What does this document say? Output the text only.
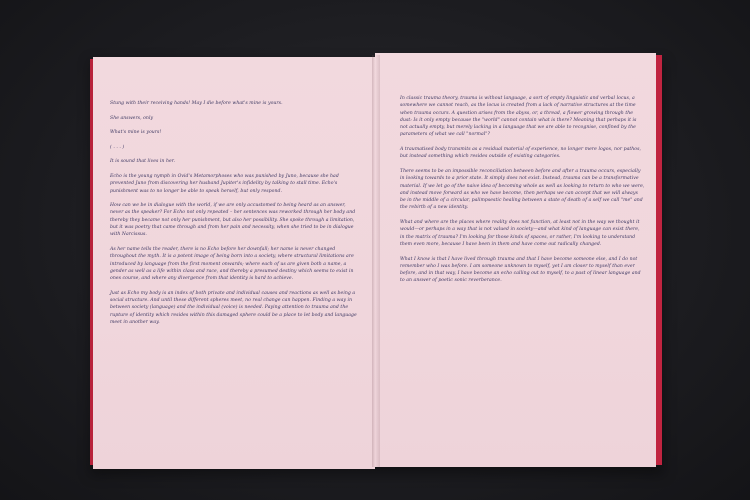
Stung with their receiving hands! May I die before what's mine is yours.

She answers, only

What's mine is yours!

( . . . )

It is sound that lives in her.

Echo is the young nymph in Ovid's Metamorphoses who was punished by Juno, because she had prevented Juno from discovering her husband Jupiter's infidelity by talking to stall time. Echo's punishment was to no longer be able to speak herself, but only respond.

How can we be in dialogue with the world, if we are only accustomed to being heard as an answer, never as the speaker? For Echo not only repeated – her sentences was reworked through her body and thereby they became not only her punishment, but also her possibility. She spoke through a limitation, but it was poetry that came through and from her pain and necessity, when she tried to be in dialogue with Narcissus.

As her name tells the reader, there is no Echo before her downfall; her name is never changed throughout the myth. It is a potent image of being born into a society, where structural limitations are introduced by language from the first moment onwards; where each of us are given both a name, a gender as well as a life within class and race, and thereby a presumed destiny which seems to exist in ones course, and where any divergence from that identity is hard to achieve.

Just as Echo my body is an index of both private and individual causes and reactions as well as being a social structure. And until these different spheres meet, no real change can happen. Finding a way in between society (language) and the individual (voice) is needed. Paying attention to trauma and the rupture of identity which resides within this damaged sphere could be a place to let body and language meet in another way.

In classic trauma theory, trauma is without language, a sort of empty linguistic and verbal locus, a somewhere we cannot reach, as the locus is created from a lack of narrative structures at the time when trauma occurs. A question arises from the abyss, or, a thread, a flower growing through the dust: Is it only empty because the "world" cannot contain what is there? Meaning that perhaps it is not actually empty, but merely lacking in a language that we are able to recognise, confined by the parameters of what we call "normal"?

A traumatised body transmits as a residual material of experience, no longer mere logos, nor pathos, but instead something which resides outside of existing categories.

There seems to be an impossible reconciliation between before and after a trauma occurs, especially in looking towards to a prior state. It simply does not exist. Instead, trauma can be a transformative material. If we let go of the naive idea of becoming whole as well as looking to return to who we were, and instead move forward as who we have become, then perhaps we can accept that we will always be in the middle of a circular, palimpsestic healing between a state of death of a self we call "me" and the rebirth of a new identity.

What and where are the places where reality does not function, at least not in the way we thought it would—or perhaps in a way that is not valued in society—and what kind of language can exist there, in the matrix of trauma? I'm looking for those kinds of spaces, or rather, I'm looking to understand them even more, because I have been in them and have come out radically changed.

What I know is that I have lived through trauma and that I have become someone else, and I do not remember who I was before. I am someone unknown to myself, yet I am closer to myself than ever before, and in that way, I have become an echo calling out to myself, to a past of linear language and to an answer of poetic sonic reverberance.
